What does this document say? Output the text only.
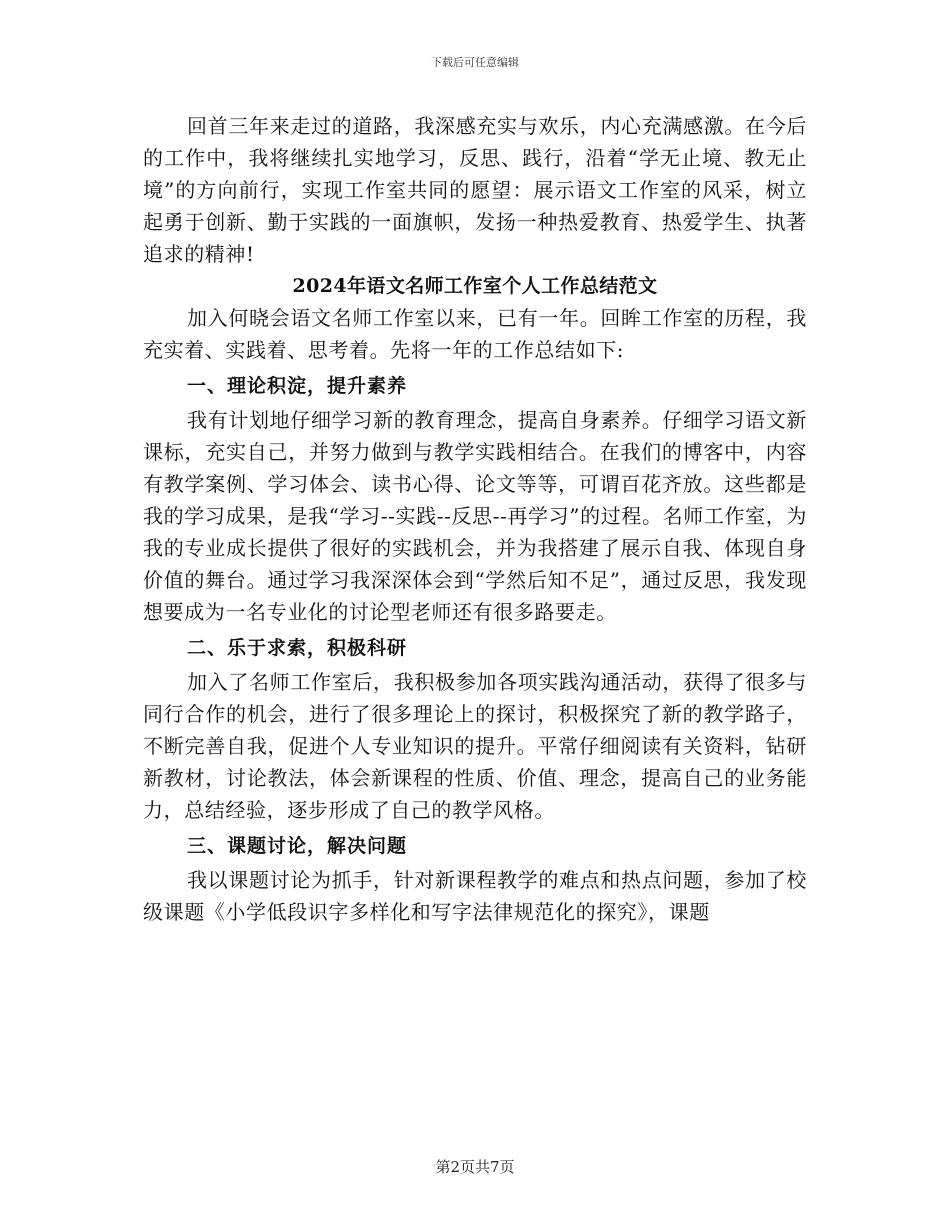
下载后可任意编辑

回首三年来走过的道路，我深感充实与欢乐，内心充满感激。在今后的工作中，我将继续扎实地学习，反思、践行，沿着“学无止境、教无止境”的方向前行，实现工作室共同的愿望：展示语文工作室的风采，树立起勇于创新、勤于实践的一面旗帜，发扬一种热爱教育、热爱学生、执著追求的精神!

2024年语文名师工作室个人工作总结范文

加入何晓会语文名师工作室以来，已有一年。回眸工作室的历程，我充实着、实践着、思考着。先将一年的工作总结如下:

一、理论积淀，提升素养

我有计划地仔细学习新的教育理念，提高自身素养。仔细学习语文新课标，充实自己，并努力做到与教学实践相结合。在我们的博客中，内容有教学案例、学习体会、读书心得、论文等等，可谓百花齐放。这些都是我的学习成果，是我“学习--实践--反思--再学习”的过程。名师工作室，为我的专业成长提供了很好的实践机会，并为我搭建了展示自我、体现自身价值的舞台。通过学习我深深体会到“学然后知不足”，通过反思，我发现想要成为一名专业化的讨论型老师还有很多路要走。

二、乐于求索，积极科研

加入了名师工作室后，我积极参加各项实践沟通活动，获得了很多与同行合作的机会，进行了很多理论上的探讨，积极探究了新的教学路子，不断完善自我，促进个人专业知识的提升。平常仔细阅读有关资料，钻研新教材，讨论教法，体会新课程的性质、价值、理念，提高自己的业务能力，总结经验，逐步形成了自己的教学风格。

三、课题讨论，解决问题

我以课题讨论为抓手，针对新课程教学的难点和热点问题，参加了校级课题《小学低段识字多样化和写字法律规范化的探究》，课题

第2页共7页
